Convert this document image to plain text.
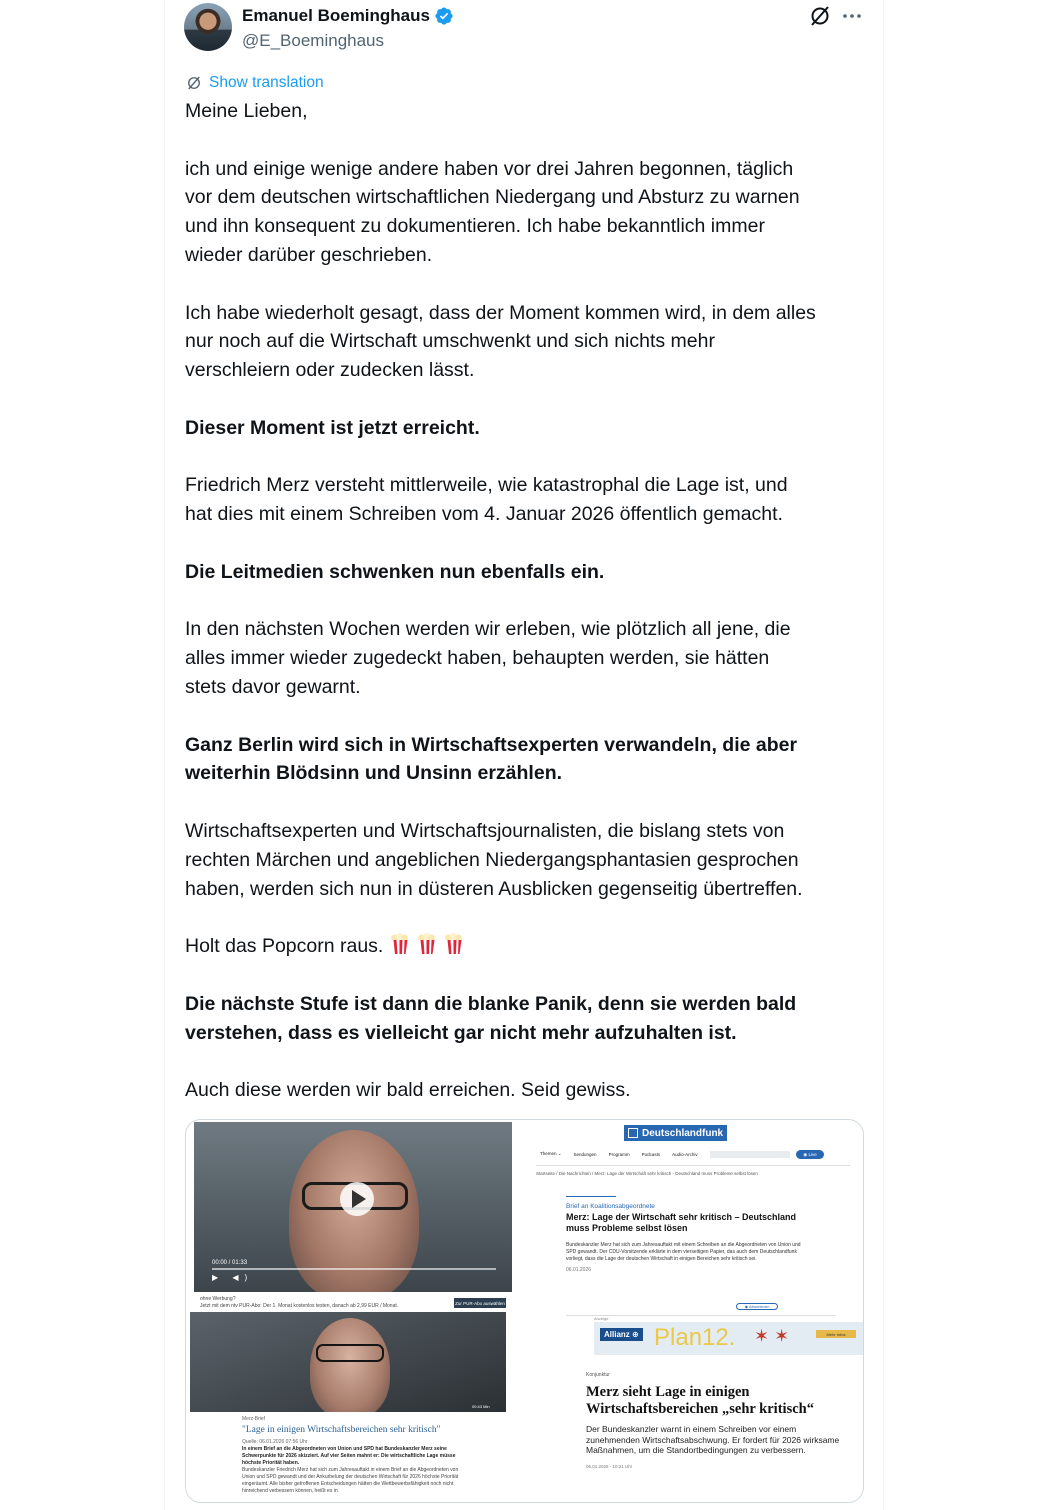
Emanuel Boeminghaus
@E_Boeminghaus
Show translation

Meine Lieben,

ich und einige wenige andere haben vor drei Jahren begonnen, täglich
vor dem deutschen wirtschaftlichen Niedergang und Absturz zu warnen
und ihn konsequent zu dokumentieren. Ich habe bekanntlich immer
wieder darüber geschrieben.

Ich habe wiederholt gesagt, dass der Moment kommen wird, in dem alles
nur noch auf die Wirtschaft umschwenkt und sich nichts mehr
verschleiern oder zudecken lässt.

Dieser Moment ist jetzt erreicht.

Friedrich Merz versteht mittlerweile, wie katastrophal die Lage ist, und
hat dies mit einem Schreiben vom 4. Januar 2026 öffentlich gemacht.

Die Leitmedien schwenken nun ebenfalls ein.

In den nächsten Wochen werden wir erleben, wie plötzlich all jene, die
alles immer wieder zugedeckt haben, behaupten werden, sie hätten
stets davor gewarnt.

Ganz Berlin wird sich in Wirtschaftsexperten verwandeln, die aber
weiterhin Blödsinn und Unsinn erzählen.

Wirtschaftsexperten und Wirtschaftsjournalisten, die bislang stets von
rechten Märchen und angeblichen Niedergangsphantasien gesprochen
haben, werden sich nun in düsteren Ausblicken gegenseitig übertreffen.

Holt das Popcorn raus.

Die nächste Stufe ist dann die blanke Panik, denn sie werden bald
verstehen, dass es vielleicht gar nicht mehr aufzuhalten ist.

Auch diese werden wir bald erreichen. Seid gewiss.

00:00 / 01:33
▶ ◀)
ohne Werbung?
Jetzt mit dem ntv PUR-Abo: Der 1. Monat kostenlos testen, danach ab 2,99 EUR / Monat.	Zur PUR-Abo auswählen
00:43 Min
Merz-Brief
"Lage in einigen Wirtschaftsbereichen sehr kritisch"
Quelle: 06.01.2026 07:56 Uhr
In einem Brief an die Abgeordneten von Union und SPD hat Bundeskanzler Merz seine Schwerpunkte für 2026 skizziert. Auf vier Seiten mahnt er: Die wirtschaftliche Lage müsse höchste Priorität haben.
Bundeskanzler Friedrich Merz hat sich zum Jahresauftakt in einem Brief an die Abgeordneten von Union und SPD gewandt und der Ankurbelung der deutschen Wirtschaft für 2026 höchste Priorität eingeräumt. Alle bisher getroffenen Entscheidungen hätten die Wettbewerbsfähigkeit noch nicht hinreichend verbessern können, heißt es in
Deutschlandfunk
Themen ⌄	Sendungen	Programm	Podcasts	Audio-Archiv	◉ Live
Startseite / Die Nachrichten / Merz: Lage der Wirtschaft sehr kritisch - Deutschland muss Probleme selbst lösen
Brief an Koalitionsabgeordnete
Merz: Lage der Wirtschaft sehr kritisch – Deutschland muss Probleme selbst lösen
Bundeskanzler Merz hat sich zum Jahresauftakt mit einem Schreiben an die Abgeordneten von Union und SPD gewandt. Der CDU-Vorsitzende erklärte in dem vierseitigen Papier, das auch dem Deutschlandfunk vorliegt, dass die Lage der deutschen Wirtschaft in einigen Bereichen sehr kritisch sei.
06.01.2026
◉ Abonnieren
Anzeige
Allianz ⊕ Plan12. ✶ ✶	Mehr Infos
Konjunktur
Merz sieht Lage in einigen Wirtschaftsbereichen „sehr kritisch“
Der Bundeskanzler warnt in einem Schreiben vor einem zunehmenden Wirtschaftsabschwung. Er fordert für 2026 wirksame Maßnahmen, um die Standortbedingungen zu verbessern.
06.01.2026 - 10:21 Uhr
